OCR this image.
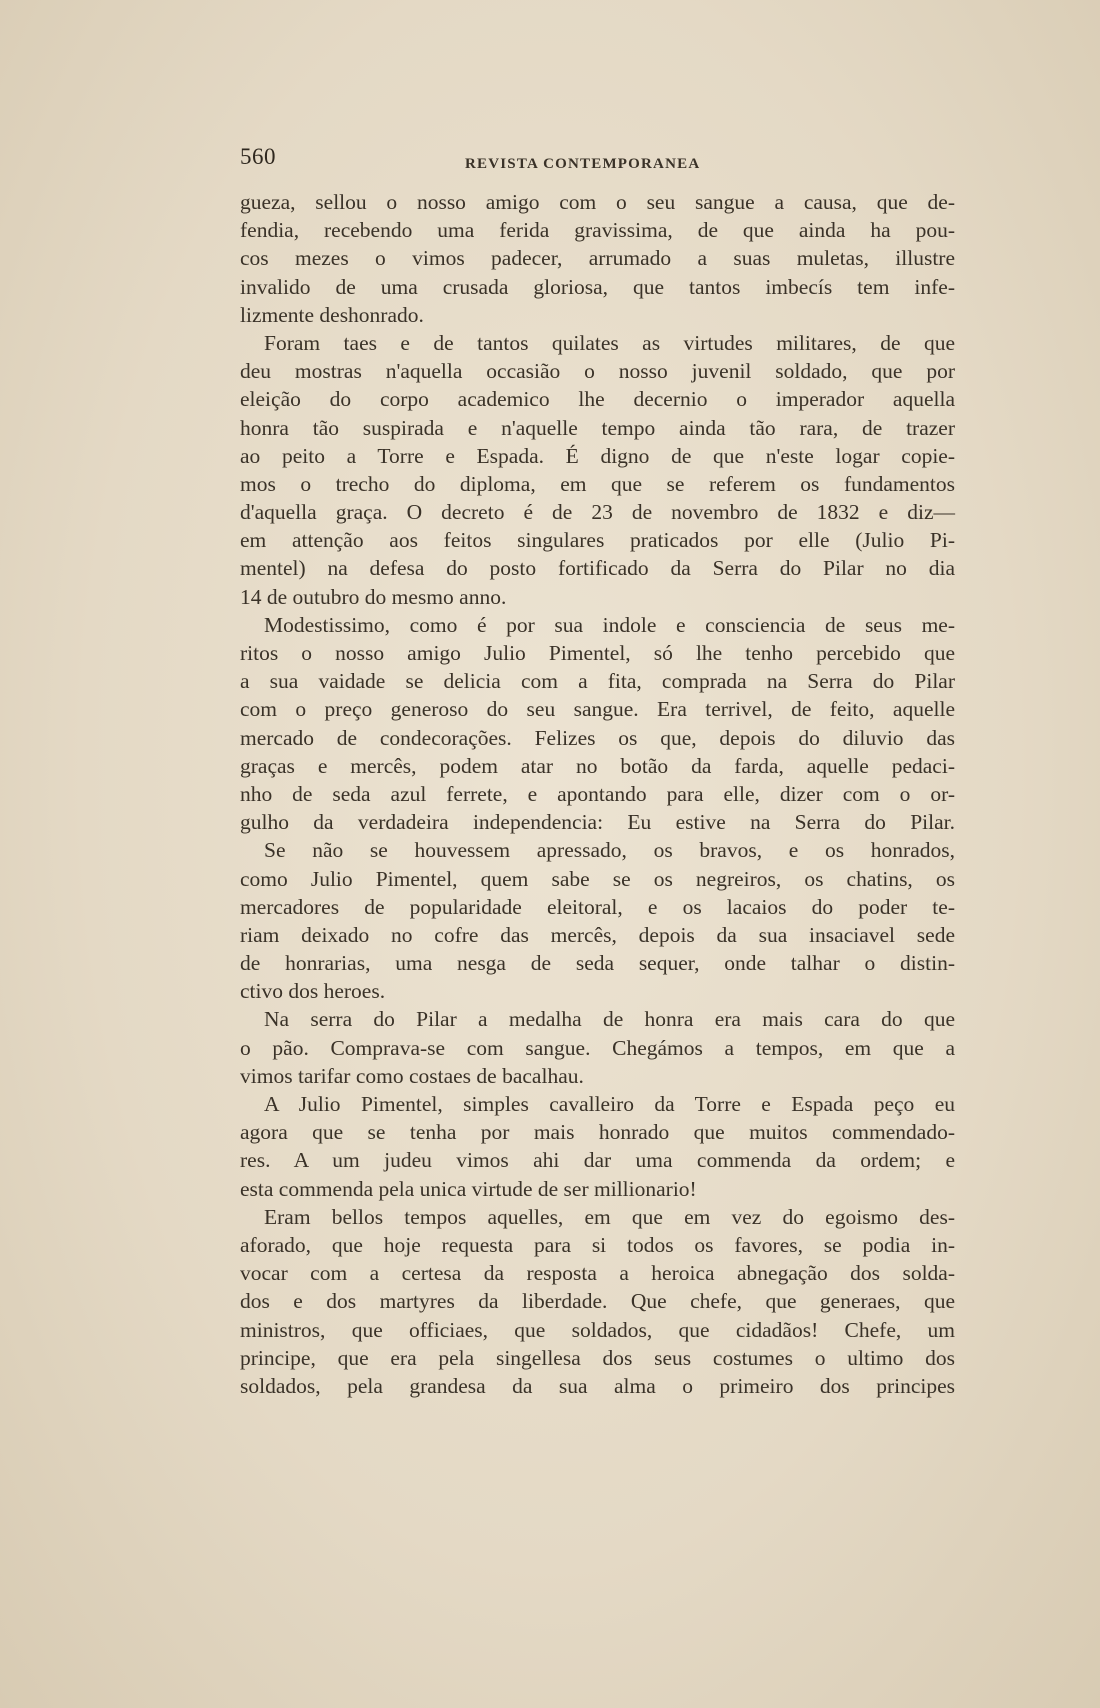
560	REVISTA CONTEMPORANEA
gueza, sellou o nosso amigo com o seu sangue a causa, que de-
fendia, recebendo uma ferida gravissima, de que ainda ha pou-
cos mezes o vimos padecer, arrumado a suas muletas, illustre
invalido de uma crusada gloriosa, que tantos imbecís tem infe-
lizmente deshonrado.
Foram taes e de tantos quilates as virtudes militares, de que
deu mostras n'aquella occasião o nosso juvenil soldado, que por
eleição do corpo academico lhe decernio o imperador aquella
honra tão suspirada e n'aquelle tempo ainda tão rara, de trazer
ao peito a Torre e Espada. É digno de que n'este logar copie-
mos o trecho do diploma, em que se referem os fundamentos
d'aquella graça. O decreto é de 23 de novembro de 1832 e diz—
em attenção aos feitos singulares praticados por elle (Julio Pi-
mentel) na defesa do posto fortificado da Serra do Pilar no dia
14 de outubro do mesmo anno.
Modestissimo, como é por sua indole e consciencia de seus me-
ritos o nosso amigo Julio Pimentel, só lhe tenho percebido que
a sua vaidade se delicia com a fita, comprada na Serra do Pilar
com o preço generoso do seu sangue. Era terrivel, de feito, aquelle
mercado de condecorações. Felizes os que, depois do diluvio das
graças e mercês, podem atar no botão da farda, aquelle pedaci-
nho de seda azul ferrete, e apontando para elle, dizer com o or-
gulho da verdadeira independencia: Eu estive na Serra do Pilar.
Se não se houvessem apressado, os bravos, e os honrados,
como Julio Pimentel, quem sabe se os negreiros, os chatins, os
mercadores de popularidade eleitoral, e os lacaios do poder te-
riam deixado no cofre das mercês, depois da sua insaciavel sede
de honrarias, uma nesga de seda sequer, onde talhar o distin-
ctivo dos heroes.
Na serra do Pilar a medalha de honra era mais cara do que
o pão. Comprava-se com sangue. Chegámos a tempos, em que a
vimos tarifar como costaes de bacalhau.
A Julio Pimentel, simples cavalleiro da Torre e Espada peço eu
agora que se tenha por mais honrado que muitos commendado-
res. A um judeu vimos ahi dar uma commenda da ordem; e
esta commenda pela unica virtude de ser millionario!
Eram bellos tempos aquelles, em que em vez do egoismo des-
aforado, que hoje requesta para si todos os favores, se podia in-
vocar com a certesa da resposta a heroica abnegação dos solda-
dos e dos martyres da liberdade. Que chefe, que generaes, que
ministros, que officiaes, que soldados, que cidadãos! Chefe, um
principe, que era pela singellesa dos seus costumes o ultimo dos
soldados, pela grandesa da sua alma o primeiro dos principes
